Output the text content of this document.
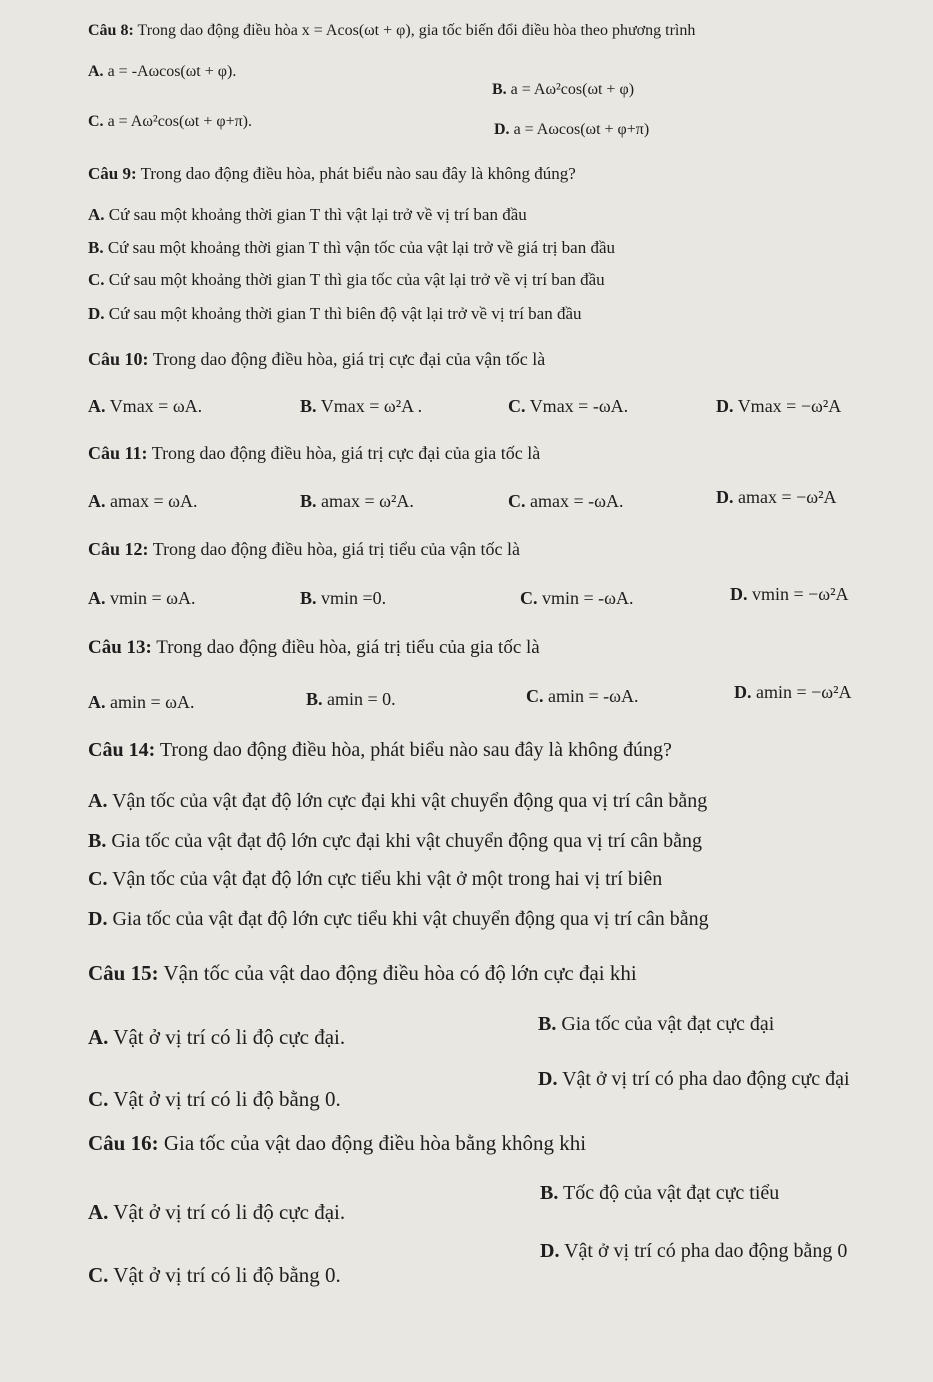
Câu 8: Trong dao động điều hòa x = Acos(ωt + φ), gia tốc biến đổi điều hòa theo phương trình
A. a = -Aωcos(ωt + φ).
B. a = Aω²cos(ωt + φ)
C. a = Aω²cos(ωt + φ+π).	D. a = Aωcos(ωt + φ+π)
Câu 9: Trong dao động điều hòa, phát biểu nào sau đây là không đúng?
A. Cứ sau một khoảng thời gian T thì vật lại trở về vị trí ban đầu
B. Cứ sau một khoảng thời gian T thì vận tốc của vật lại trở về giá trị ban đầu
C. Cứ sau một khoảng thời gian T thì gia tốc của vật lại trở về vị trí ban đầu
D. Cứ sau một khoảng thời gian T thì biên độ vật lại trở về vị trí ban đầu
Câu 10: Trong dao động điều hòa, giá trị cực đại của vận tốc là
A. Vmax = ωA.	B. Vmax = ω²A .	C. Vmax = -ωA.	D. Vmax = −ω²A
Câu 11: Trong dao động điều hòa, giá trị cực đại của gia tốc là
A. amax = ωA.	B. amax = ω²A.	C. amax = -ωA.	D. amax = −ω²A
Câu 12: Trong dao động điều hòa, giá trị tiểu của vận tốc là
A. vmin = ωA.	B. vmin =0.	C. vmin = -ωA.	D. vmin = −ω²A
Câu 13: Trong dao động điều hòa, giá trị tiểu của gia tốc là
A. amin = ωA.	B. amin = 0.	C. amin = -ωA.	D. amin = −ω²A
Câu 14: Trong dao động điều hòa, phát biểu nào sau đây là không đúng?
A. Vận tốc của vật đạt độ lớn cực đại khi vật chuyển động qua vị trí cân bằng
B. Gia tốc của vật đạt độ lớn cực đại khi vật chuyển động qua vị trí cân bằng
C. Vận tốc của vật đạt độ lớn cực tiểu khi vật ở một trong hai vị trí biên
D. Gia tốc của vật đạt độ lớn cực tiểu khi vật chuyển động qua vị trí cân bằng
Câu 15: Vận tốc của vật dao động điều hòa có độ lớn cực đại khi
A. Vật ở vị trí có li độ cực đại.
B. Gia tốc của vật đạt cực đại
C. Vật ở vị trí có li độ bằng 0.
D. Vật ở vị trí có pha dao động cực đại
Câu 16: Gia tốc của vật dao động điều hòa bằng không khi
A. Vật ở vị trí có li độ cực đại.
B. Tốc độ của vật đạt cực tiểu
C. Vật ở vị trí có li độ bằng 0.
D. Vật ở vị trí có pha dao động bằng 0
